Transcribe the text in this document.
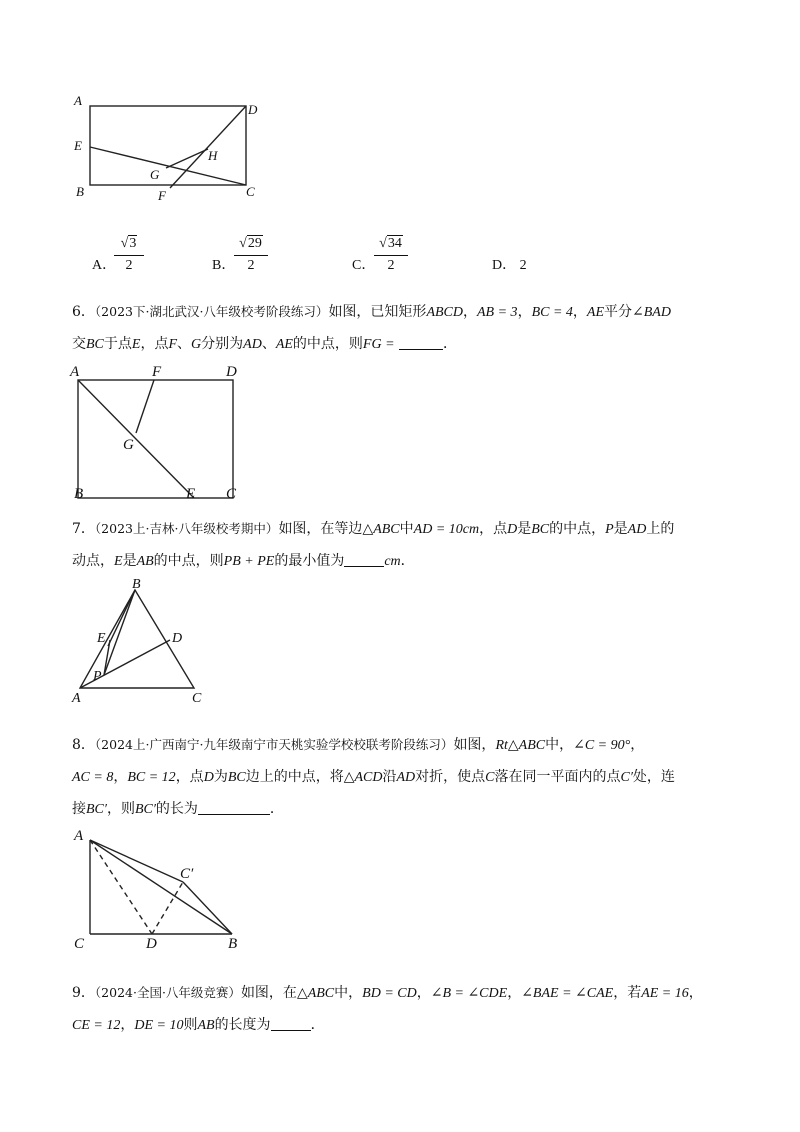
A
D
E
H
G
B	F	C
A．
√3
2	B．
√29
2	C．
√34
2	D． 2
6．（2023下·湖北武汉·八年级校考阶段练习）如图，已知矩形ABCD，AB = 3，BC = 4，AE平分∠BAD
交BC于点E，点F、G分别为AD、AE的中点，则FG =	．
A	F	D
G
B	E C
7．（2023上·吉林·八年级校考期中）如图，在等边△ABC中AD = 10cm，点D是BC的中点，P是AD上的
动点，E是AB的中点，则PB + PE的最小值为	cm．
B
E	D
P
A	C
8．（2024上·广西南宁·九年级南宁市天桃实验学校校联考阶段练习）如图，Rt△ABC中，∠C = 90°，
AC = 8，BC = 12，点D为BC边上的中点，将△ACD沿AD对折，使点C落在同一平面内的点C′处，连
接BC′，则BC′的长为	．
A
C′
C	D	B
9．（2024·全国·八年级竞赛）如图，在△ABC中，BD = CD，∠B = ∠CDE，∠BAE = ∠CAE，若AE = 16，
CE = 12，DE = 10则AB的长度为	．
